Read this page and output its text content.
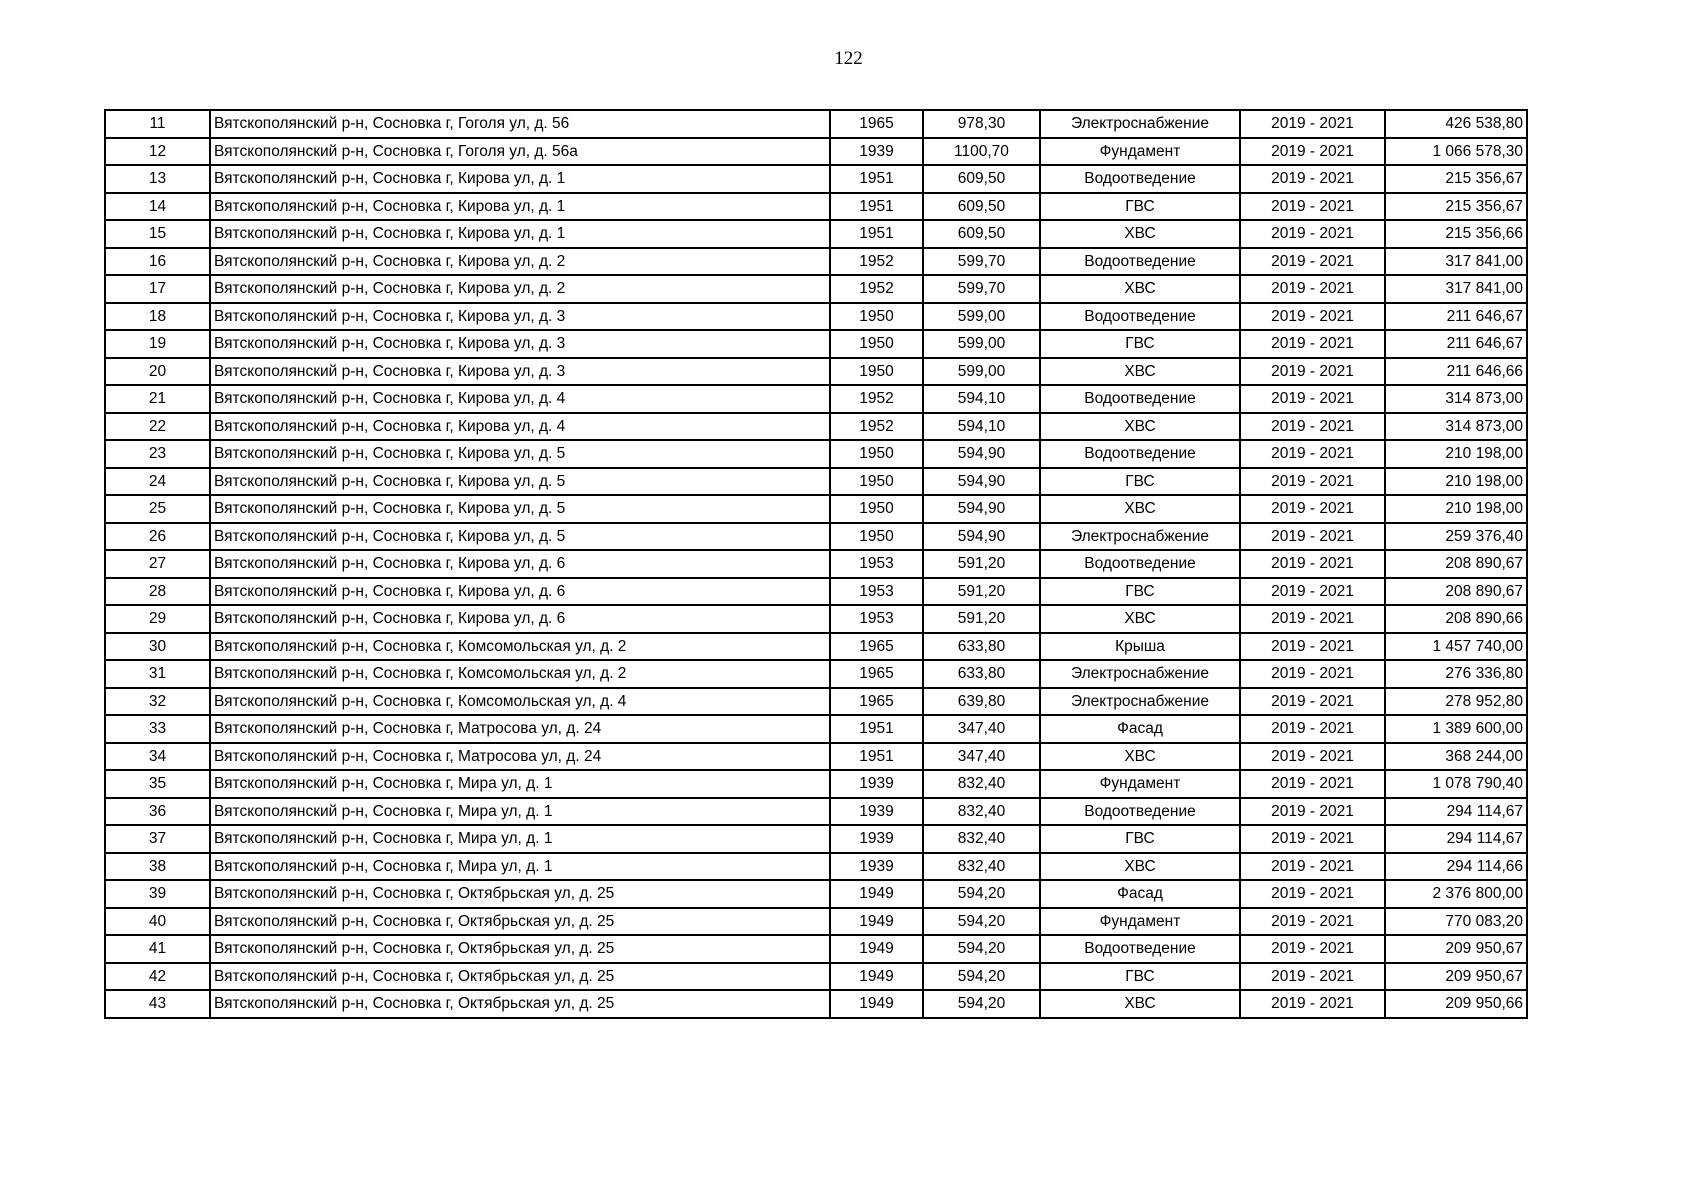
122
11	Вятскополянский р-н, Сосновка г, Гоголя ул, д. 56	1965	978,30	Электроснабжение	2019 - 2021	426 538,80
12	Вятскополянский р-н, Сосновка г, Гоголя ул, д. 56а	1939	1100,70	Фундамент	2019 - 2021	1 066 578,30
13	Вятскополянский р-н, Сосновка г, Кирова ул, д. 1	1951	609,50	Водоотведение	2019 - 2021	215 356,67
14	Вятскополянский р-н, Сосновка г, Кирова ул, д. 1	1951	609,50	ГВС	2019 - 2021	215 356,67
15	Вятскополянский р-н, Сосновка г, Кирова ул, д. 1	1951	609,50	ХВС	2019 - 2021	215 356,66
16	Вятскополянский р-н, Сосновка г, Кирова ул, д. 2	1952	599,70	Водоотведение	2019 - 2021	317 841,00
17	Вятскополянский р-н, Сосновка г, Кирова ул, д. 2	1952	599,70	ХВС	2019 - 2021	317 841,00
18	Вятскополянский р-н, Сосновка г, Кирова ул, д. 3	1950	599,00	Водоотведение	2019 - 2021	211 646,67
19	Вятскополянский р-н, Сосновка г, Кирова ул, д. 3	1950	599,00	ГВС	2019 - 2021	211 646,67
20	Вятскополянский р-н, Сосновка г, Кирова ул, д. 3	1950	599,00	ХВС	2019 - 2021	211 646,66
21	Вятскополянский р-н, Сосновка г, Кирова ул, д. 4	1952	594,10	Водоотведение	2019 - 2021	314 873,00
22	Вятскополянский р-н, Сосновка г, Кирова ул, д. 4	1952	594,10	ХВС	2019 - 2021	314 873,00
23	Вятскополянский р-н, Сосновка г, Кирова ул, д. 5	1950	594,90	Водоотведение	2019 - 2021	210 198,00
24	Вятскополянский р-н, Сосновка г, Кирова ул, д. 5	1950	594,90	ГВС	2019 - 2021	210 198,00
25	Вятскополянский р-н, Сосновка г, Кирова ул, д. 5	1950	594,90	ХВС	2019 - 2021	210 198,00
26	Вятскополянский р-н, Сосновка г, Кирова ул, д. 5	1950	594,90	Электроснабжение	2019 - 2021	259 376,40
27	Вятскополянский р-н, Сосновка г, Кирова ул, д. 6	1953	591,20	Водоотведение	2019 - 2021	208 890,67
28	Вятскополянский р-н, Сосновка г, Кирова ул, д. 6	1953	591,20	ГВС	2019 - 2021	208 890,67
29	Вятскополянский р-н, Сосновка г, Кирова ул, д. 6	1953	591,20	ХВС	2019 - 2021	208 890,66
30	Вятскополянский р-н, Сосновка г, Комсомольская ул, д. 2	1965	633,80	Крыша	2019 - 2021	1 457 740,00
31	Вятскополянский р-н, Сосновка г, Комсомольская ул, д. 2	1965	633,80	Электроснабжение	2019 - 2021	276 336,80
32	Вятскополянский р-н, Сосновка г, Комсомольская ул, д. 4	1965	639,80	Электроснабжение	2019 - 2021	278 952,80
33	Вятскополянский р-н, Сосновка г, Матросова ул, д. 24	1951	347,40	Фасад	2019 - 2021	1 389 600,00
34	Вятскополянский р-н, Сосновка г, Матросова ул, д. 24	1951	347,40	ХВС	2019 - 2021	368 244,00
35	Вятскополянский р-н, Сосновка г, Мира ул, д. 1	1939	832,40	Фундамент	2019 - 2021	1 078 790,40
36	Вятскополянский р-н, Сосновка г, Мира ул, д. 1	1939	832,40	Водоотведение	2019 - 2021	294 114,67
37	Вятскополянский р-н, Сосновка г, Мира ул, д. 1	1939	832,40	ГВС	2019 - 2021	294 114,67
38	Вятскополянский р-н, Сосновка г, Мира ул, д. 1	1939	832,40	ХВС	2019 - 2021	294 114,66
39	Вятскополянский р-н, Сосновка г, Октябрьская ул, д. 25	1949	594,20	Фасад	2019 - 2021	2 376 800,00
40	Вятскополянский р-н, Сосновка г, Октябрьская ул, д. 25	1949	594,20	Фундамент	2019 - 2021	770 083,20
41	Вятскополянский р-н, Сосновка г, Октябрьская ул, д. 25	1949	594,20	Водоотведение	2019 - 2021	209 950,67
42	Вятскополянский р-н, Сосновка г, Октябрьская ул, д. 25	1949	594,20	ГВС	2019 - 2021	209 950,67
43	Вятскополянский р-н, Сосновка г, Октябрьская ул, д. 25	1949	594,20	ХВС	2019 - 2021	209 950,66
